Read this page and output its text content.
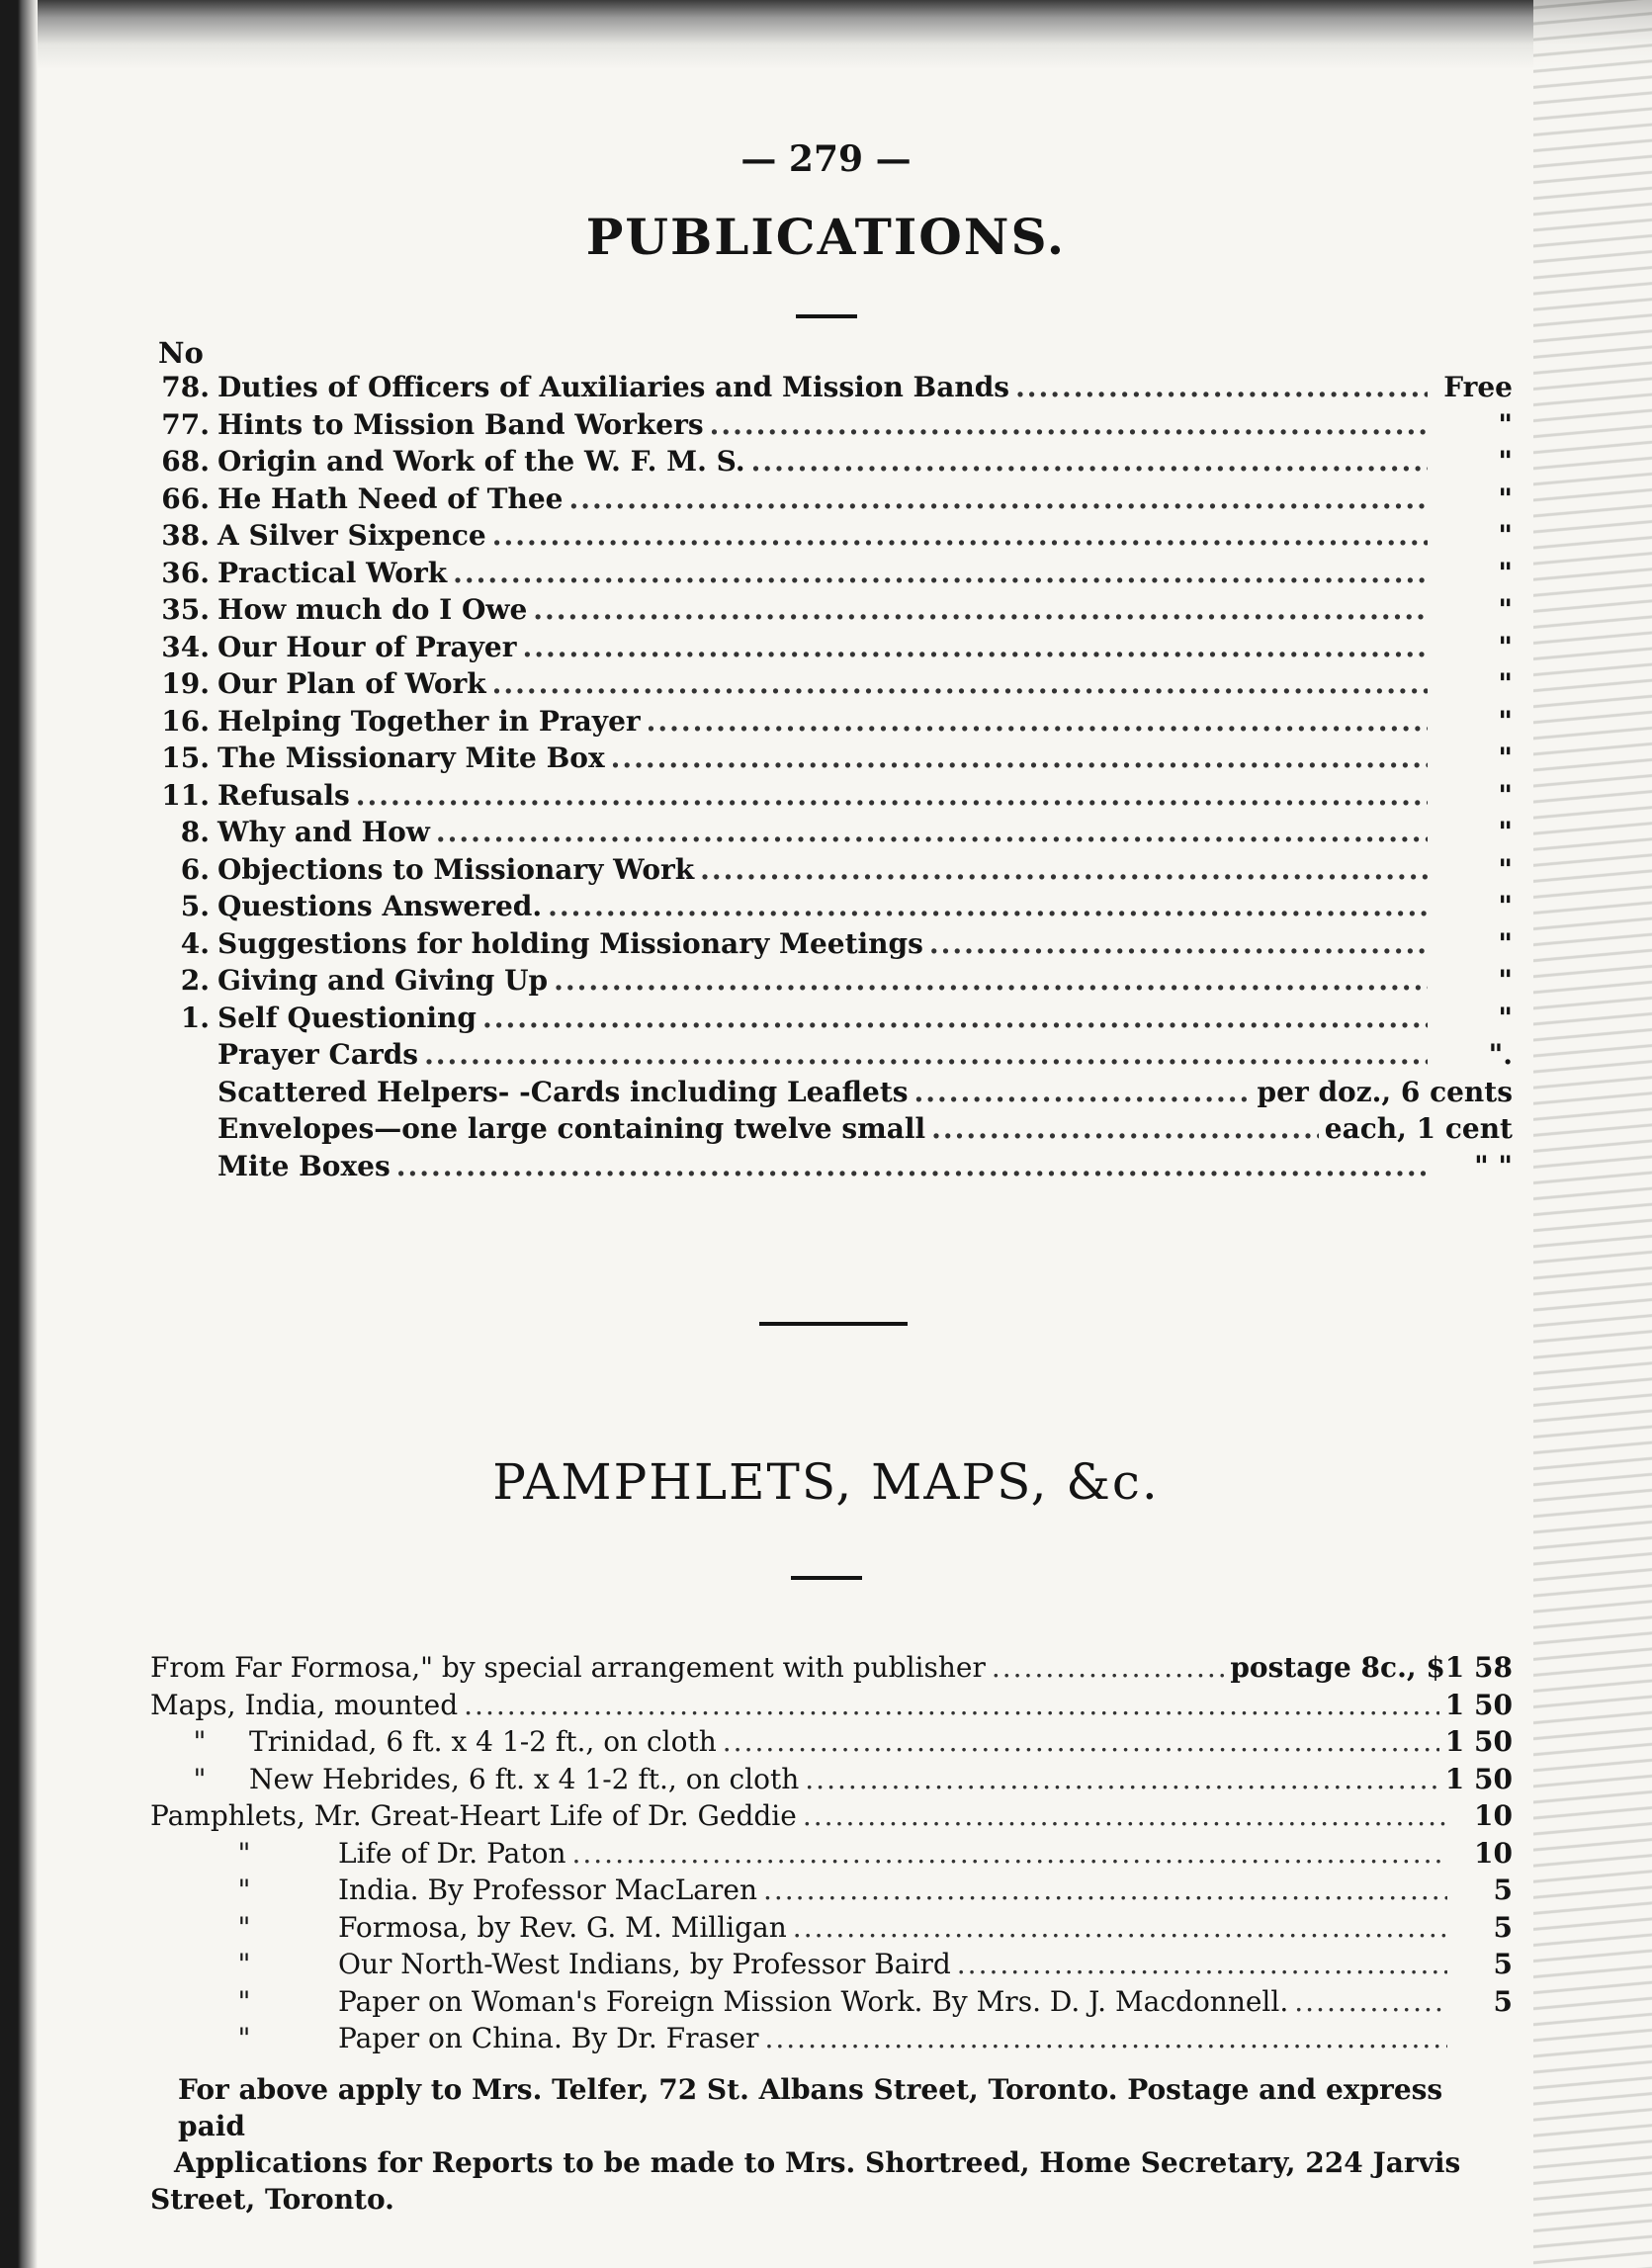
— 279 —
PUBLICATIONS.
No
78. Duties of Officers of Auxiliaries and Mission Bands .....	Free
77. Hints to Mission Band Workers .....	"
68. Origin and Work of the W. F. M. S. .....	"
66. He Hath Need of Thee .....	"
38. A Silver Sixpence .....	"
36. Practical Work .....	"
35. How much do I Owe .....	"
34. Our Hour of Prayer .....	"
19. Our Plan of Work .....	"
16. Helping Together in Prayer .....	"
15. The Missionary Mite Box .....	"
11. Refusals .....	"
8. Why and How .....	"
6. Objections to Missionary Work .....	"
5. Questions Answered. .....	"
4. Suggestions for holding Missionary Meetings .....	"
2. Giving and Giving Up .....	"
1. Self Questioning .....	"
Prayer Cards .....	".
Scattered Helpers- -Cards including Leaflets .....	per doz., 6 cents
Envelopes—one large containing twelve small .....	each, 1 cent
Mite Boxes .....	" "
PAMPHLETS, MAPS, &c.
From Far Formosa," by special arrangement with publisher .....	postage 8c., $1 58
Maps, India, mounted .....	1 50
"	Trinidad, 6 ft. x 4 1-2 ft., on cloth .....	1 50
"	New Hebrides, 6 ft. x 4 1-2 ft., on cloth .....	1 50
Pamphlets, Mr. Great-Heart Life of Dr. Geddie .....	10
"	Life of Dr. Paton .....	10
"	India. By Professor MacLaren .....	5
"	Formosa, by Rev. G. M. Milligan .....	5
"	Our North-West Indians, by Professor Baird .....	5
"	Paper on Woman's Foreign Mission Work. By Mrs. D. J. Macdonnell. .....	5
"	Paper on China. By Dr. Fraser
.....
For above apply to Mrs. Telfer, 72 St. Albans Street, Toronto. Postage and express paid
Applications for Reports to be made to Mrs. Shortreed, Home Secretary, 224 Jarvis
Street, Toronto.
